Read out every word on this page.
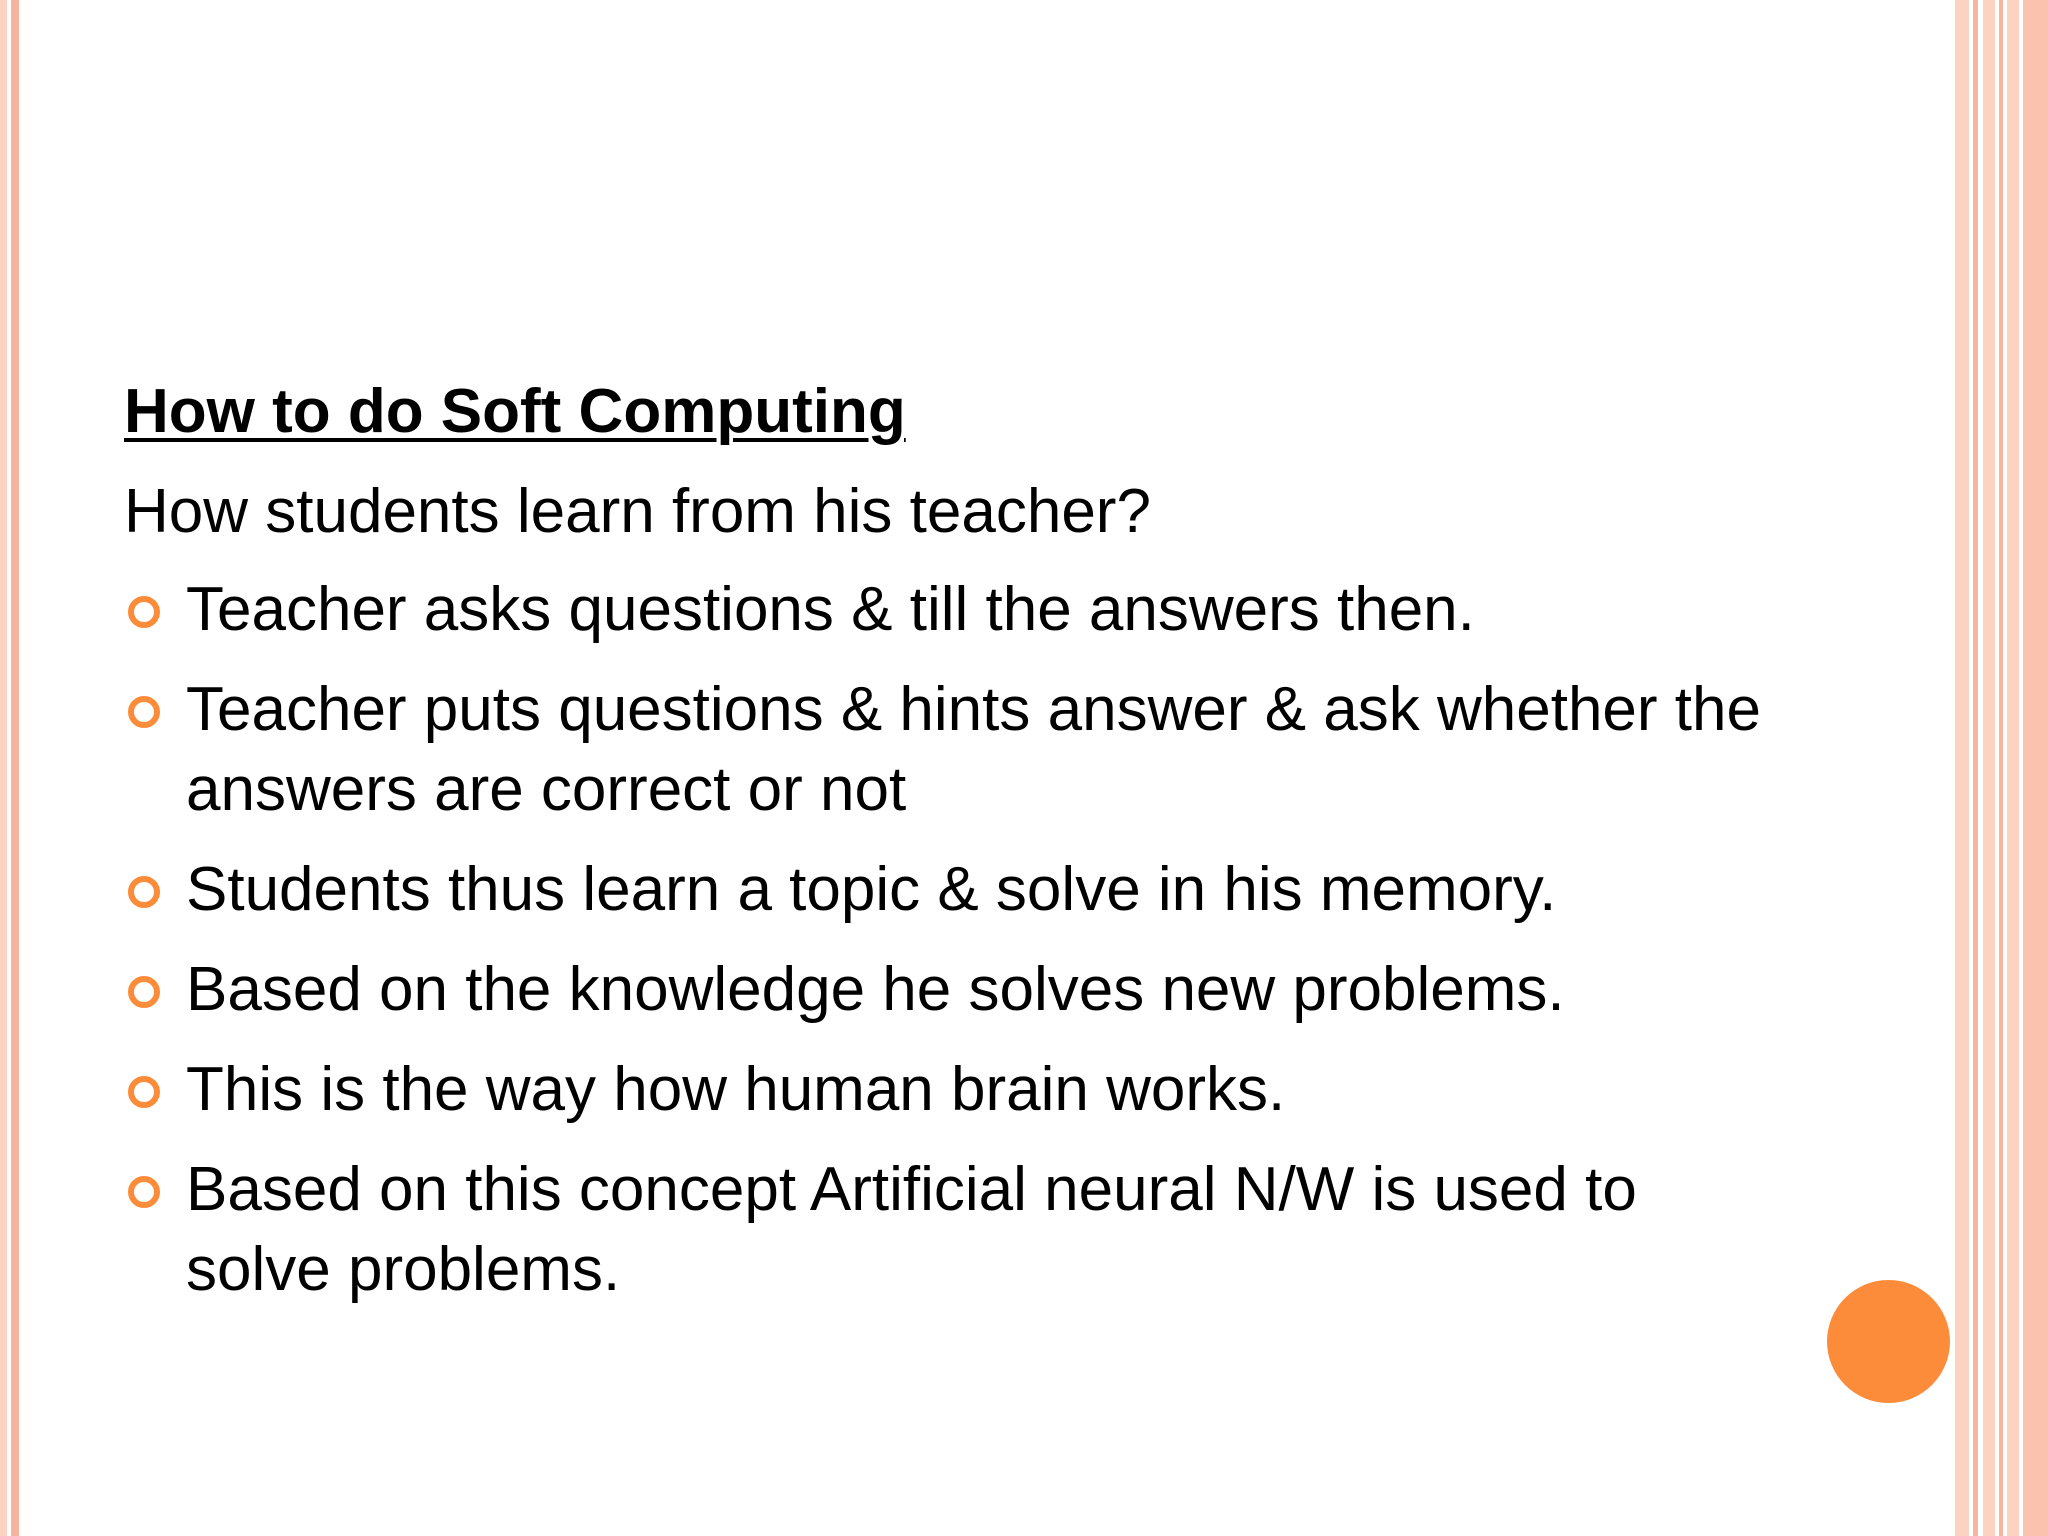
How to do Soft Computing

How students learn from his teacher?

Teacher asks questions & till the answers then.
Teacher puts questions & hints answer & ask whether the answers are correct or not
Students thus learn a topic & solve in his memory.
Based on the knowledge he solves new problems.
This is the way how human brain works.
Based on this concept Artificial neural N/W is used to solve problems.
